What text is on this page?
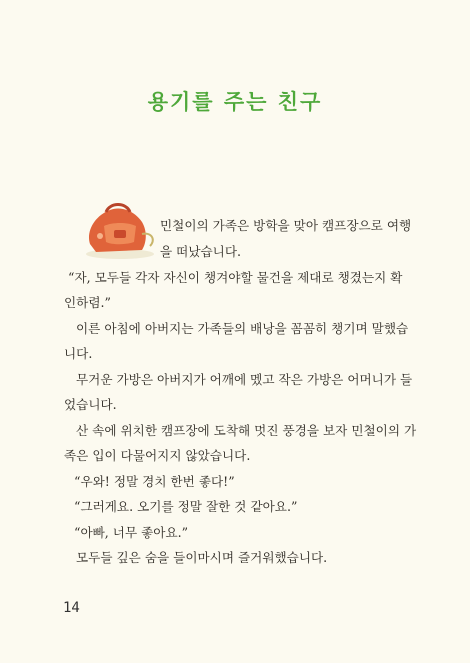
용기를 주는 친구

민철이의 가족은 방학을 맞아 캠프장으로 여행

을 떠났습니다.

“자, 모두들 각자 자신이 챙겨야할 물건을 제대로 챙겼는지 확

인하렴.”

이른 아침에 아버지는 가족들의 배낭을 꼼꼼히 챙기며 말했습

니다.

무거운 가방은 아버지가 어깨에 멨고 작은 가방은 어머니가 들

었습니다.

산 속에 위치한 캠프장에 도착해 멋진 풍경을 보자 민철이의 가

족은 입이 다물어지지 않았습니다.

“우와! 정말 경치 한번 좋다!”

“그러게요. 오기를 정말 잘한 것 같아요.”

“아빠, 너무 좋아요.”

모두들 깊은 숨을 들이마시며 즐거워했습니다.

14
